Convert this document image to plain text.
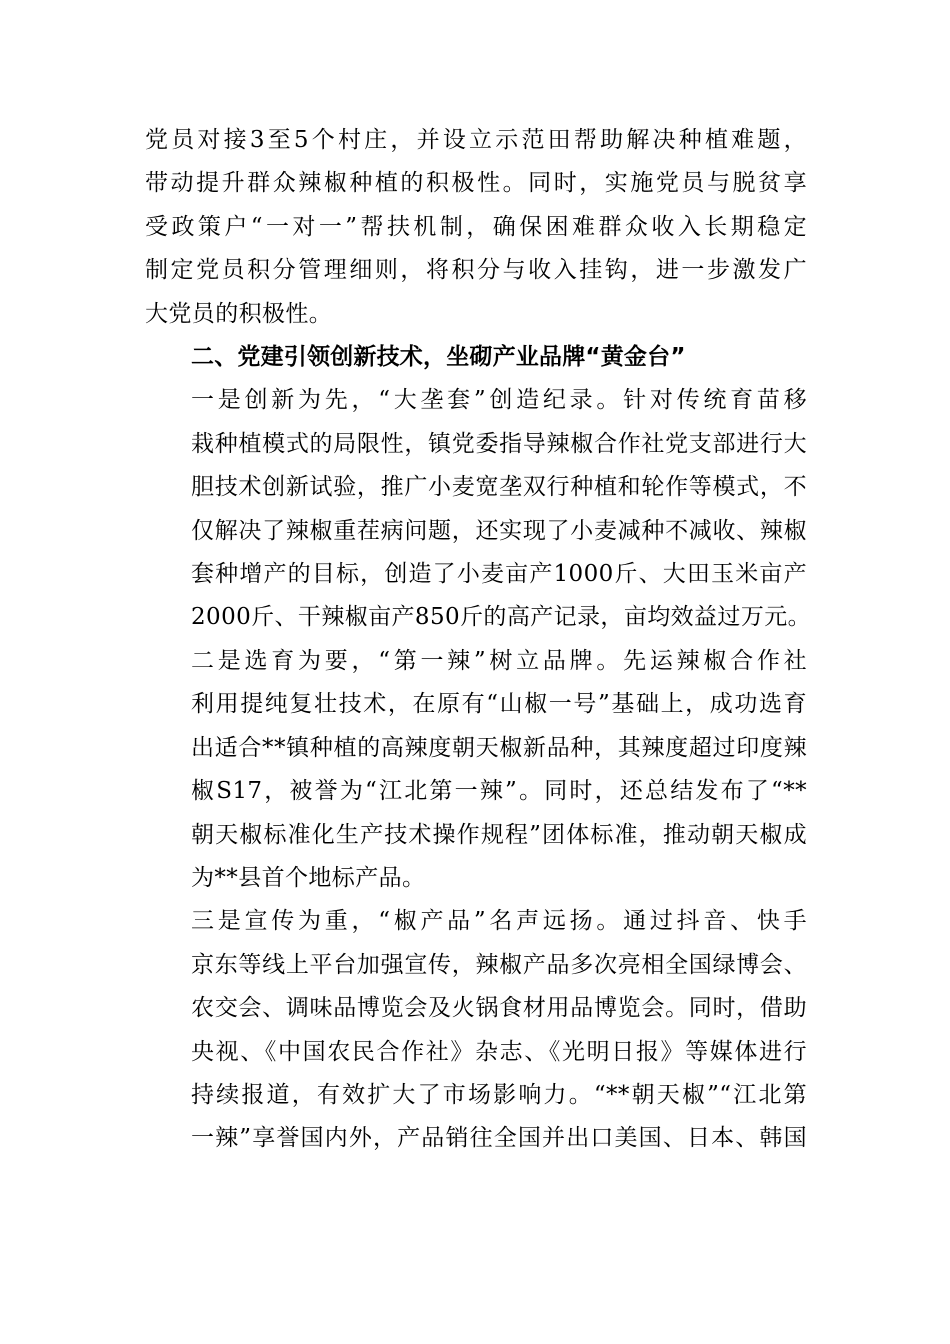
党员对接3至5个村庄，并设立示范田帮助解决种植难题，
带动提升群众辣椒种植的积极性。同时，实施党员与脱贫享
受政策户“一对一”帮扶机制，确保困难群众收入长期稳定
制定党员积分管理细则，将积分与收入挂钩，进一步激发广
大党员的积极性。

二、党建引领创新技术，坐砌产业品牌“黄金台”

一是创新为先，“大垄套”创造纪录。针对传统育苗移
栽种植模式的局限性，镇党委指导辣椒合作社党支部进行大
胆技术创新试验，推广小麦宽垄双行种植和轮作等模式，不
仅解决了辣椒重茬病问题，还实现了小麦减种不减收、辣椒
套种增产的目标，创造了小麦亩产1000斤、大田玉米亩产
2000斤、干辣椒亩产850斤的高产记录，亩均效益过万元。

二是选育为要，“第一辣”树立品牌。先运辣椒合作社
利用提纯复壮技术，在原有“山椒一号”基础上，成功选育
出适合**镇种植的高辣度朝天椒新品种，其辣度超过印度辣
椒S17，被誉为“江北第一辣”。同时，还总结发布了“**
朝天椒标准化生产技术操作规程”团体标准，推动朝天椒成
为**县首个地标产品。

三是宣传为重，“椒产品”名声远扬。通过抖音、快手
京东等线上平台加强宣传，辣椒产品多次亮相全国绿博会、
农交会、调味品博览会及火锅食材用品博览会。同时，借助
央视、《中国农民合作社》杂志、《光明日报》等媒体进行
持续报道，有效扩大了市场影响力。“**朝天椒”“江北第
一辣”享誉国内外，产品销往全国并出口美国、日本、韩国
